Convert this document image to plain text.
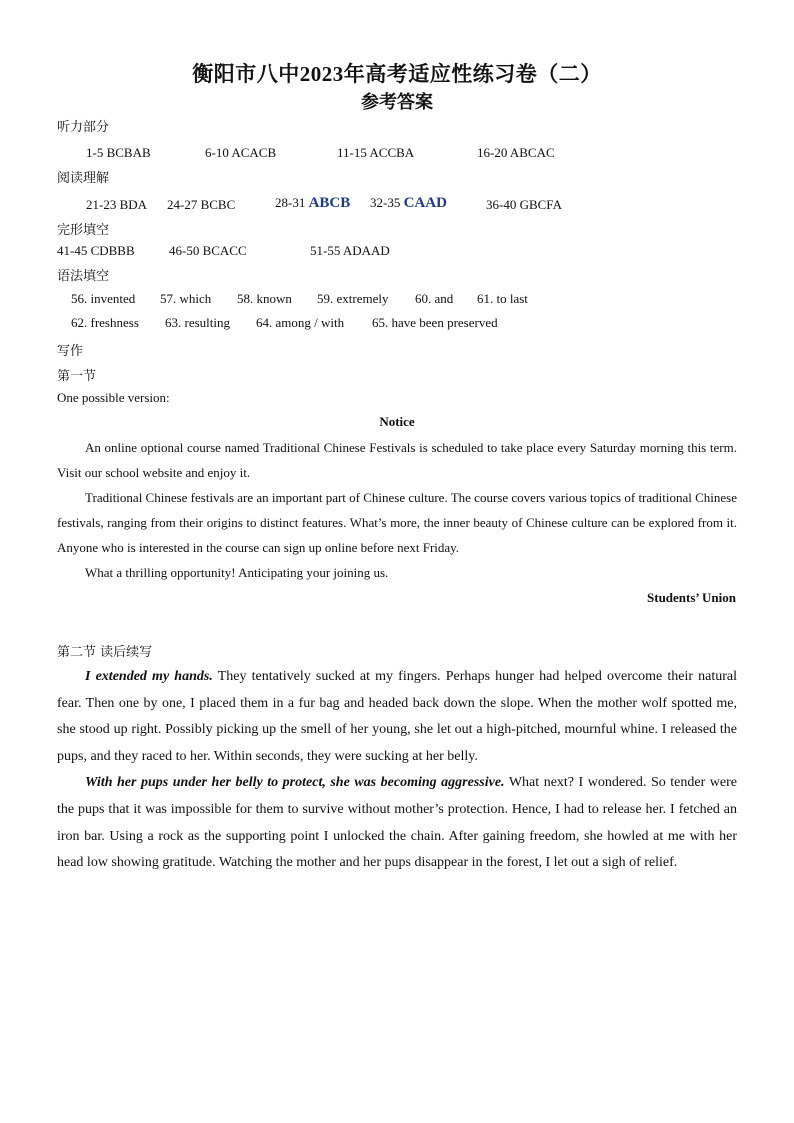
衡阳市八中2023年高考适应性练习卷（二）
参考答案
听力部分
1-5 BCBAB	6-10 ACACB	11-15 ACCBA	16-20 ABCAC
阅读理解
21-23 BDA 24-27 BCBC	28-31 ABCB 32-35 CAAD	36-40 GBCFA
完形填空
41-45 CDBBB	46-50 BCACC	51-55 ADAAD
语法填空
56. invented 57. which 58. known 59. extremely 60. and 61. to last
62. freshness 63. resulting 64. among / with 65. have been preserved
写作
第一节
One possible version:
Notice
An online optional course named Traditional Chinese Festivals is scheduled to take place every Saturday morning this term. Visit our school website and enjoy it.
Traditional Chinese festivals are an important part of Chinese culture. The course covers various topics of traditional Chinese festivals, ranging from their origins to distinct features. What’s more, the inner beauty of Chinese culture can be explored from it. Anyone who is interested in the course can sign up online before next Friday.
What a thrilling opportunity! Anticipating your joining us.
Students’ Union
第二节 读后续写
I extended my hands. They tentatively sucked at my fingers. Perhaps hunger had helped overcome their natural fear. Then one by one, I placed them in a fur bag and headed back down the slope. When the mother wolf spotted me, she stood up right. Possibly picking up the smell of her young, she let out a high-pitched, mournful whine. I released the pups, and they raced to her. Within seconds, they were sucking at her belly.
With her pups under her belly to protect, she was becoming aggressive. What next? I wondered. So tender were the pups that it was impossible for them to survive without mother’s protection. Hence, I had to release her. I fetched an iron bar. Using a rock as the supporting point I unlocked the chain. After gaining freedom, she howled at me with her head low showing gratitude. Watching the mother and her pups disappear in the forest, I let out a sigh of relief.
